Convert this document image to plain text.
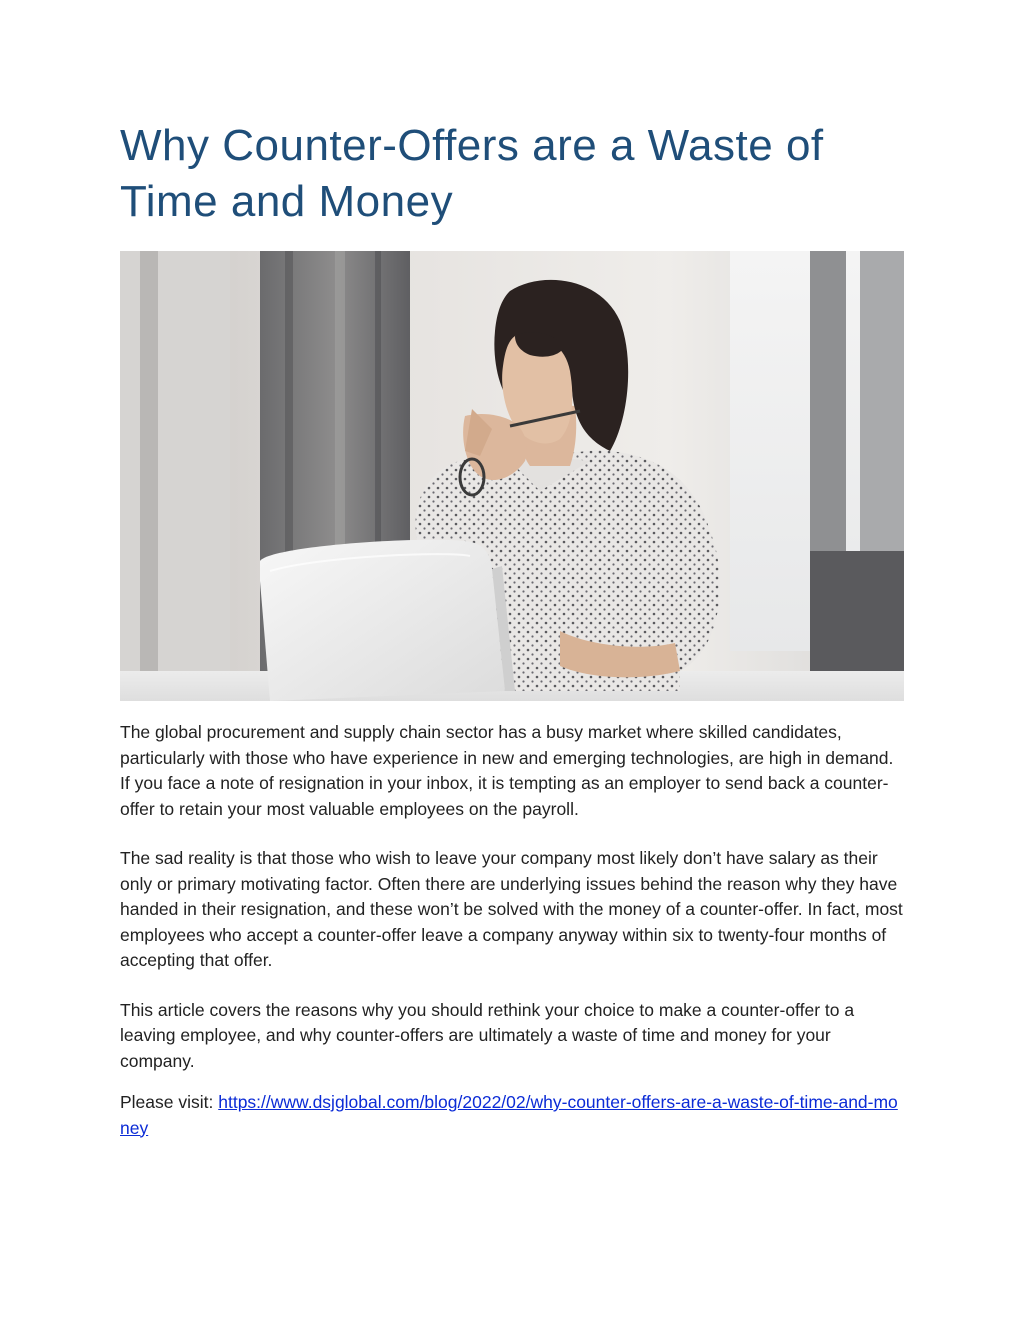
Why Counter-Offers are a Waste of Time and Money

The global procurement and supply chain sector has a busy market where skilled candidates, particularly with those who have experience in new and emerging technologies, are high in demand. If you face a note of resignation in your inbox, it is tempting as an employer to send back a counter-offer to retain your most valuable employees on the payroll.

The sad reality is that those who wish to leave your company most likely don’t have salary as their only or primary motivating factor. Often there are underlying issues behind the reason why they have handed in their resignation, and these won’t be solved with the money of a counter-offer. In fact, most employees who accept a counter-offer leave a company anyway within six to twenty-four months of accepting that offer.

This article covers the reasons why you should rethink your choice to make a counter-offer to a leaving employee, and why counter-offers are ultimately a waste of time and money for your company.

Please visit: https://www.dsjglobal.com/blog/2022/02/why-counter-offers-are-a-waste-of-time-and-money
